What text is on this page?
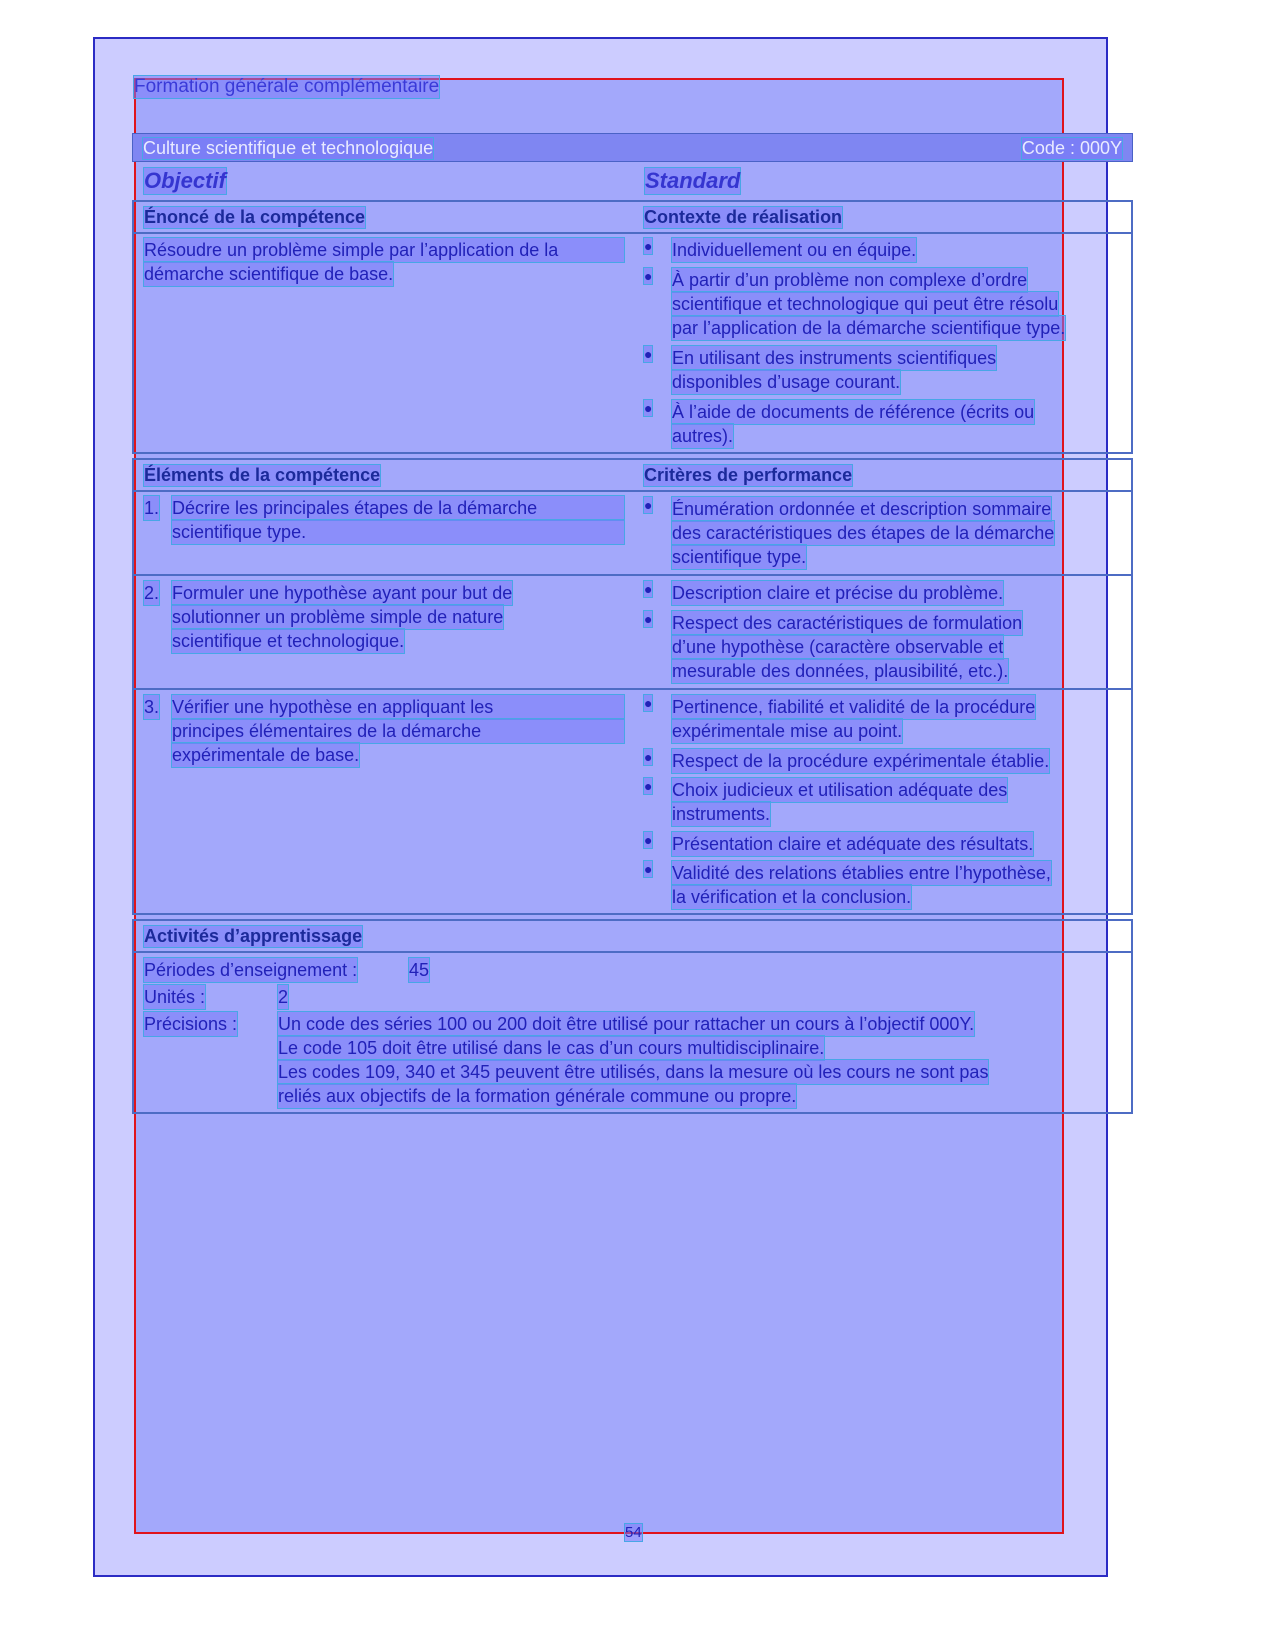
Formation générale complémentaire
Culture scientifique et technologique	Code : 000Y
Objectif	Standard
Énoncé de la compétence	Contexte de réalisation
Résoudre un problème simple par l’application de la
démarche scientifique de base.
● Individuellement ou en équipe.
● À partir d’un problème non complexe d’ordre
scientifique et technologique qui peut être résolu
par l’application de la démarche scientifique type.
● En utilisant des instruments scientifiques
disponibles d’usage courant.
● À l’aide de documents de référence (écrits ou
autres).
Éléments de la compétence	Critères de performance
1. Décrire les principales étapes de la démarche
scientifique type.
● Énumération ordonnée et description sommaire
des caractéristiques des étapes de la démarche
scientifique type.
2. Formuler une hypothèse ayant pour but de
solutionner un problème simple de nature
scientifique et technologique.
● Description claire et précise du problème.
● Respect des caractéristiques de formulation
d’une hypothèse (caractère observable et
mesurable des données, plausibilité, etc.).
3. Vérifier une hypothèse en appliquant les
principes élémentaires de la démarche
expérimentale de base.
● Pertinence, fiabilité et validité de la procédure
expérimentale mise au point.
● Respect de la procédure expérimentale établie.
● Choix judicieux et utilisation adéquate des
instruments.
● Présentation claire et adéquate des résultats.
● Validité des relations établies entre l’hypothèse,
la vérification et la conclusion.
Activités d’apprentissage
Périodes d’enseignement :	45
Unités :	2
Précisions : Un code des séries 100 ou 200 doit être utilisé pour rattacher un cours à l’objectif 000Y.
Le code 105 doit être utilisé dans le cas d’un cours multidisciplinaire.
Les codes 109, 340 et 345 peuvent être utilisés, dans la mesure où les cours ne sont pas
reliés aux objectifs de la formation générale commune ou propre.
54
